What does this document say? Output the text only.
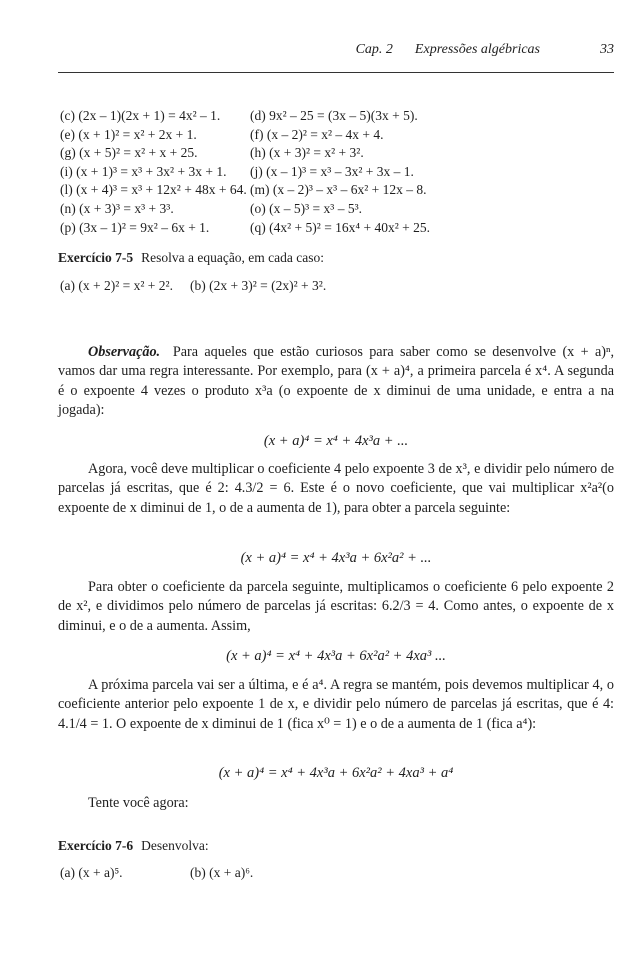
Cap. 2 Expressões algébricas	33
(c) (2x – 1)(2x + 1) = 4x² – 1.	(d) 9x² – 25 = (3x – 5)(3x + 5).
(e) (x + 1)² = x² + 2x + 1.	(f) (x – 2)² = x² – 4x + 4.
(g) (x + 5)² = x² + x + 25.	(h) (x + 3)² = x² + 3².
(i) (x + 1)³ = x³ + 3x² + 3x + 1.	(j) (x – 1)³ = x³ – 3x² + 3x – 1.
(l) (x + 4)³ = x³ + 12x² + 48x + 64. (m) (x – 2)³ – x³ – 6x² + 12x – 8.
(n) (x + 3)³ = x³ + 3³.	(o) (x – 5)³ = x³ – 5³.
(p) (3x – 1)² = 9x² – 6x + 1.	(q) (4x² + 5)² = 16x⁴ + 40x² + 25.
Exercício 7-5 Resolva a equação, em cada caso:
(a) (x + 2)² = x² + 2².	(b) (2x + 3)² = (2x)² + 3².
Observação. Para aqueles que estão curiosos para saber como se desenvolve (x + a)ⁿ, vamos dar uma regra interessante. Por exemplo, para (x + a)⁴, a primeira parcela é x⁴. A segunda é o expoente 4 vezes o produto x³a (o expoente de x diminui de uma unidade, e entra a na jogada):
(x + a)⁴ = x⁴ + 4x³a + ...
Agora, você deve multiplicar o coeficiente 4 pelo expoente 3 de x³, e dividir pelo número de parcelas já escritas, que é 2: 4.3/2 = 6. Este é o novo coeficiente, que vai multiplicar x²a²(o expoente de x diminui de 1, o de a aumenta de 1), para obter a parcela seguinte:
(x + a)⁴ = x⁴ + 4x³a + 6x²a² + ...
Para obter o coeficiente da parcela seguinte, multiplicamos o coeficiente 6 pelo expoente 2 de x², e dividimos pelo número de parcelas já escritas: 6.2/3 = 4. Como antes, o expoente de x diminui, e o de a aumenta. Assim,
(x + a)⁴ = x⁴ + 4x³a + 6x²a² + 4xa³ ...
A próxima parcela vai ser a última, e é a⁴. A regra se mantém, pois devemos multiplicar 4, o coeficiente anterior pelo expoente 1 de x, e dividir pelo número de parcelas já escritas, que é 4: 4.1/4 = 1. O expoente de x diminui de 1 (fica x⁰ = 1) e o de a aumenta de 1 (fica a⁴):
(x + a)⁴ = x⁴ + 4x³a + 6x²a² + 4xa³ + a⁴
Tente você agora:
Exercício 7-6 Desenvolva:
(a) (x + a)⁵.	(b) (x + a)⁶.
